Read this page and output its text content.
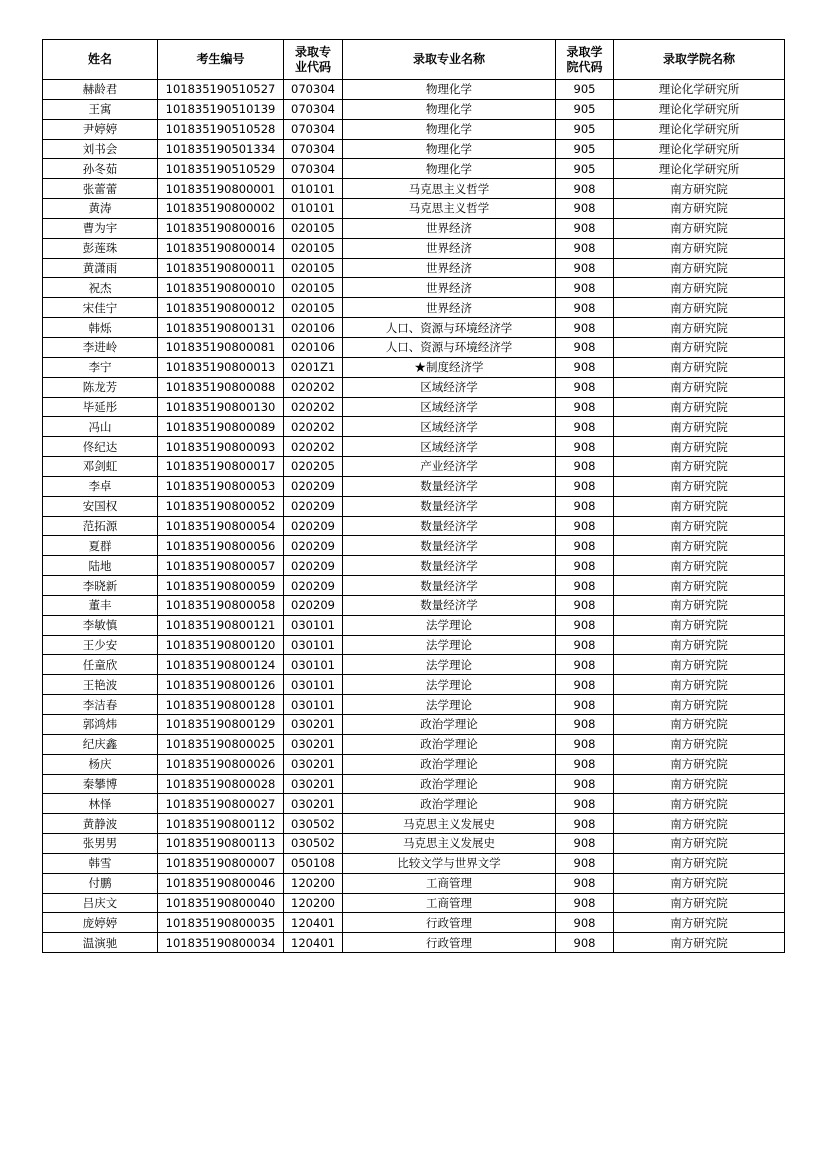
姓名	考生编号	录取专业代码	录取专业名称	录取学院代码	录取学院名称
赫龄君	101835190510527	070304	物理化学	905	理论化学研究所
王寓	101835190510139	070304	物理化学	905	理论化学研究所
尹婷婷	101835190510528	070304	物理化学	905	理论化学研究所
刘书会	101835190501334	070304	物理化学	905	理论化学研究所
孙冬茹	101835190510529	070304	物理化学	905	理论化学研究所
张蕾蕾	101835190800001	010101	马克思主义哲学	908	南方研究院
黄涛	101835190800002	010101	马克思主义哲学	908	南方研究院
曹为宇	101835190800016	020105	世界经济	908	南方研究院
彭莲珠	101835190800014	020105	世界经济	908	南方研究院
黄潇雨	101835190800011	020105	世界经济	908	南方研究院
祝杰	101835190800010	020105	世界经济	908	南方研究院
宋佳宁	101835190800012	020105	世界经济	908	南方研究院
韩烁	101835190800131	020106	人口、资源与环境经济学	908	南方研究院
李进岭	101835190800081	020106	人口、资源与环境经济学	908	南方研究院
李宁	101835190800013	0201Z1	★制度经济学	908	南方研究院
陈龙芳	101835190800088	020202	区域经济学	908	南方研究院
毕延彤	101835190800130	020202	区域经济学	908	南方研究院
冯山	101835190800089	020202	区域经济学	908	南方研究院
佟纪达	101835190800093	020202	区域经济学	908	南方研究院
邓剑虹	101835190800017	020205	产业经济学	908	南方研究院
李卓	101835190800053	020209	数量经济学	908	南方研究院
安国权	101835190800052	020209	数量经济学	908	南方研究院
范拓源	101835190800054	020209	数量经济学	908	南方研究院
夏群	101835190800056	020209	数量经济学	908	南方研究院
陆地	101835190800057	020209	数量经济学	908	南方研究院
李晓新	101835190800059	020209	数量经济学	908	南方研究院
董丰	101835190800058	020209	数量经济学	908	南方研究院
李敏慎	101835190800121	030101	法学理论	908	南方研究院
王少安	101835190800120	030101	法学理论	908	南方研究院
任童欣	101835190800124	030101	法学理论	908	南方研究院
王艳波	101835190800126	030101	法学理论	908	南方研究院
李洁春	101835190800128	030101	法学理论	908	南方研究院
郭鸿炜	101835190800129	030201	政治学理论	908	南方研究院
纪庆鑫	101835190800025	030201	政治学理论	908	南方研究院
杨庆	101835190800026	030201	政治学理论	908	南方研究院
秦攀博	101835190800028	030201	政治学理论	908	南方研究院
林怿	101835190800027	030201	政治学理论	908	南方研究院
黄静波	101835190800112	030502	马克思主义发展史	908	南方研究院
张男男	101835190800113	030502	马克思主义发展史	908	南方研究院
韩雪	101835190800007	050108	比较文学与世界文学	908	南方研究院
付鹏	101835190800046	120200	工商管理	908	南方研究院
吕庆文	101835190800040	120200	工商管理	908	南方研究院
庞婷婷	101835190800035	120401	行政管理	908	南方研究院
温演驰	101835190800034	120401	行政管理	908	南方研究院
